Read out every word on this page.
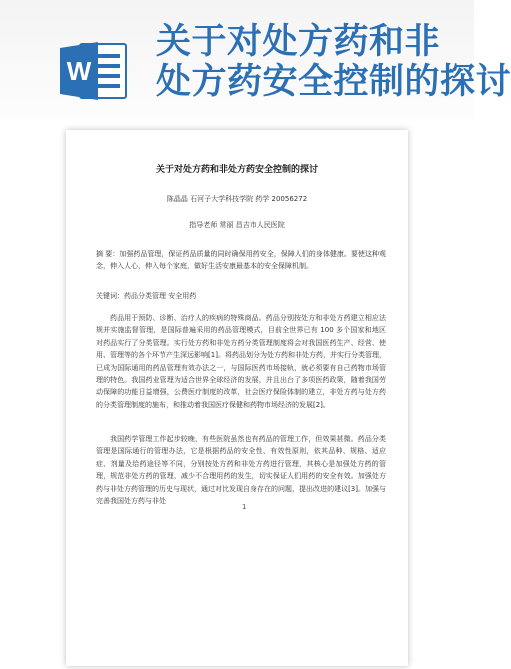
W
关于对处方药和非
处方药安全控制的探讨
关于对处方药和非处方药安全控制的探讨
陈晶晶 石河子大学科技学院 药学 20056272
指导老师 常丽 昌吉市人民医院
摘 要：加强药品管理，保证药品质量的同时确保用药安全，保障人们的身体健康。要使这种观念，伸入人心，伸入每个家庭，做好生活安康最基本的安全保障机制。
关键词：药品分类管理 安全用药
药品用于预防、诊断、治疗人的疾病的特殊商品。药品分别按处方和非处方药建立相应法规并实施监督管理，是国际普遍采用的药品管理模式，目前全世界已有 100 多个国家和地区对药品实行了分类管理。实行处方药和非处方药分类管理制度将会对我国医药生产、经营、使用、管理等的各个环节产生深远影响[1]。将药品划分为处方药和非处方药，并实行分类管理，已成为国际通用的药品管理有效办法之一，与国际医药市场接轨，就必须要有自己药物市场管理的特色。我国药业管理为适合世界全球经济的发展，并且出台了多项医药政策，随着我国劳动保障的功能日益增强，公费医疗制度的改革，社会医疗保险体制的建立，非处方药与处方药的分类管理制度的施布，和推动着我国医疗保健和药物市场经济的发展[2]。
我国药学管理工作起步较晚，有些医院虽然也有药品的管理工作，但效果甚微。药品分类管理是国际通行的管理办法，它是根据药品的安全性、有效性原则，依其品种、规格、适应症、剂量及给药途径等不同，分别按处方药和非处方药进行管理，其核心是加强处方药的管理，规范非处方药的管理，减少不合理用药的发生，切实保证人们用药的安全有效。加强处方药与非处方药管理的历史与现状，通过对比发现自身存在的问题，提出改进的建议[3]。加强与完善我国处方药与非处
1
